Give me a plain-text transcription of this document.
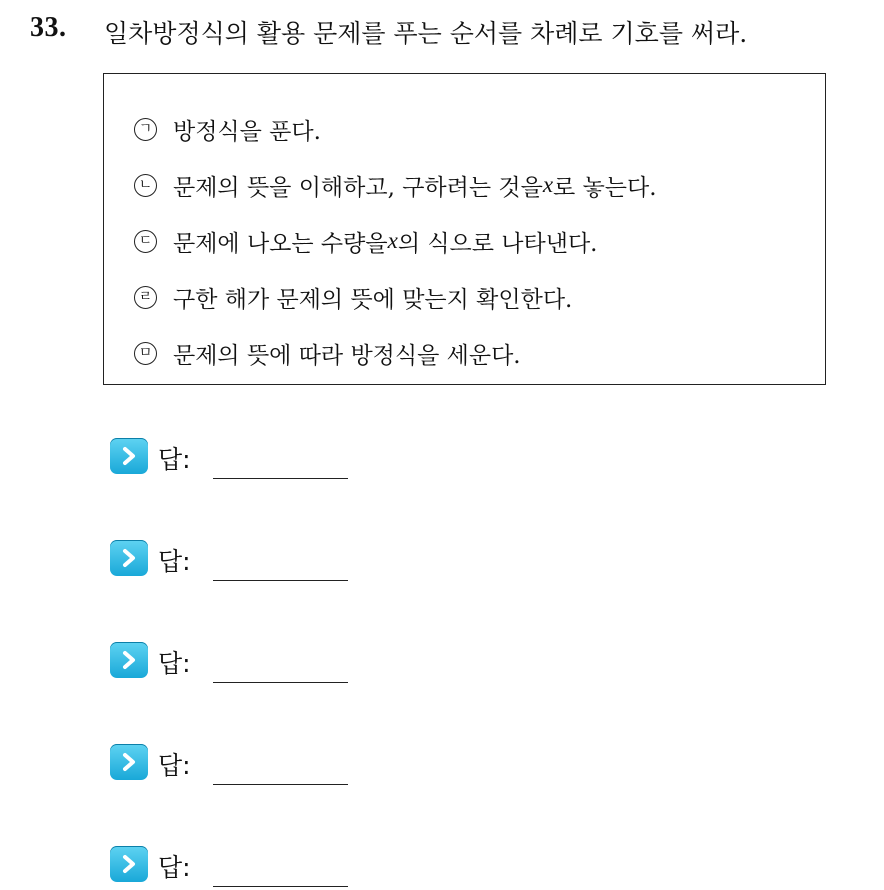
33. 일차방정식의 활용 문제를 푸는 순서를 차례로 기호를 써라.
ㄱ 방정식을 푼다.
ㄴ 문제의 뜻을 이해하고, 구하려는 것을 x 로 놓는다.
ㄷ 문제에 나오는 수량을 x 의 식으로 나타낸다.
ㄹ 구한 해가 문제의 뜻에 맞는지 확인한다.
ㅁ 문제의 뜻에 따라 방정식을 세운다.
답:
답:
답:
답:
답:
